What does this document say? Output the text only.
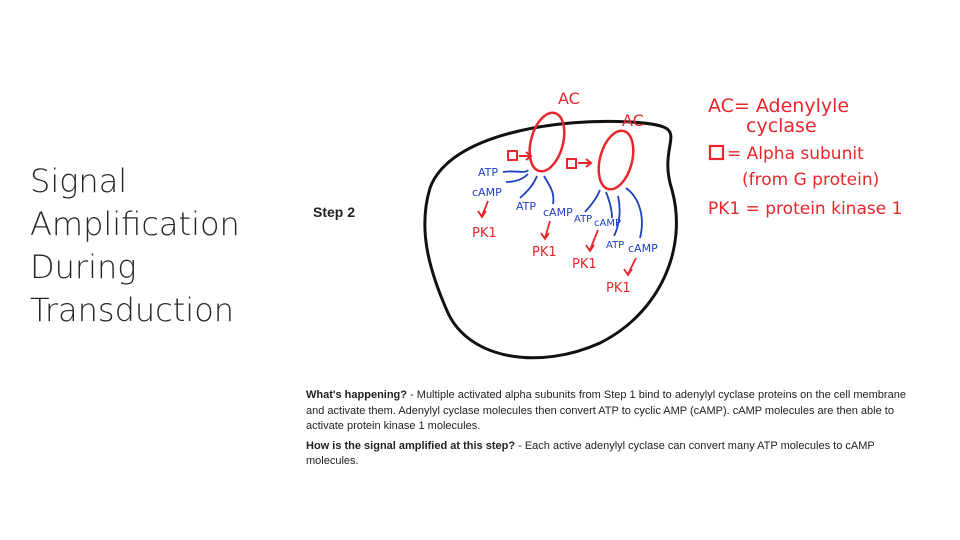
Signal
Amplification
During
Transduction
AC
AC
ATP
cAMP
PK1
ATP cAMP
PK1
ATP cAMP
PK1
ATP cAMP
PK1
AC= Adenylyle
cyclase
= Alpha subunit
(from G protein)
PK1 = protein kinase 1
Step 2

What's happening? - Multiple activated alpha subunits from Step 1 bind to adenylyl cyclase proteins on the cell membrane and activate them. Adenylyl cyclase molecules then convert ATP to cyclic AMP (cAMP). cAMP molecules are then able to activate protein kinase 1 molecules.

How is the signal amplified at this step? - Each active adenylyl cyclase can convert many ATP molecules to cAMP molecules.
